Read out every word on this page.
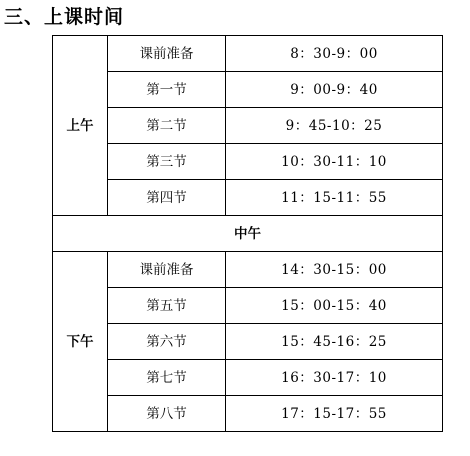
三、上课时间
上午	课前准备	8：30-9：00
	第一节	9：00-9：40
	第二节	9：45-10：25
	第三节	10：30-11：10
	第四节	11：15-11：55
中午		
下午	课前准备	14：30-15：00
	第五节	15：00-15：40
	第六节	15：45-16：25
	第七节	16：30-17：10
	第八节	17：15-17：55
